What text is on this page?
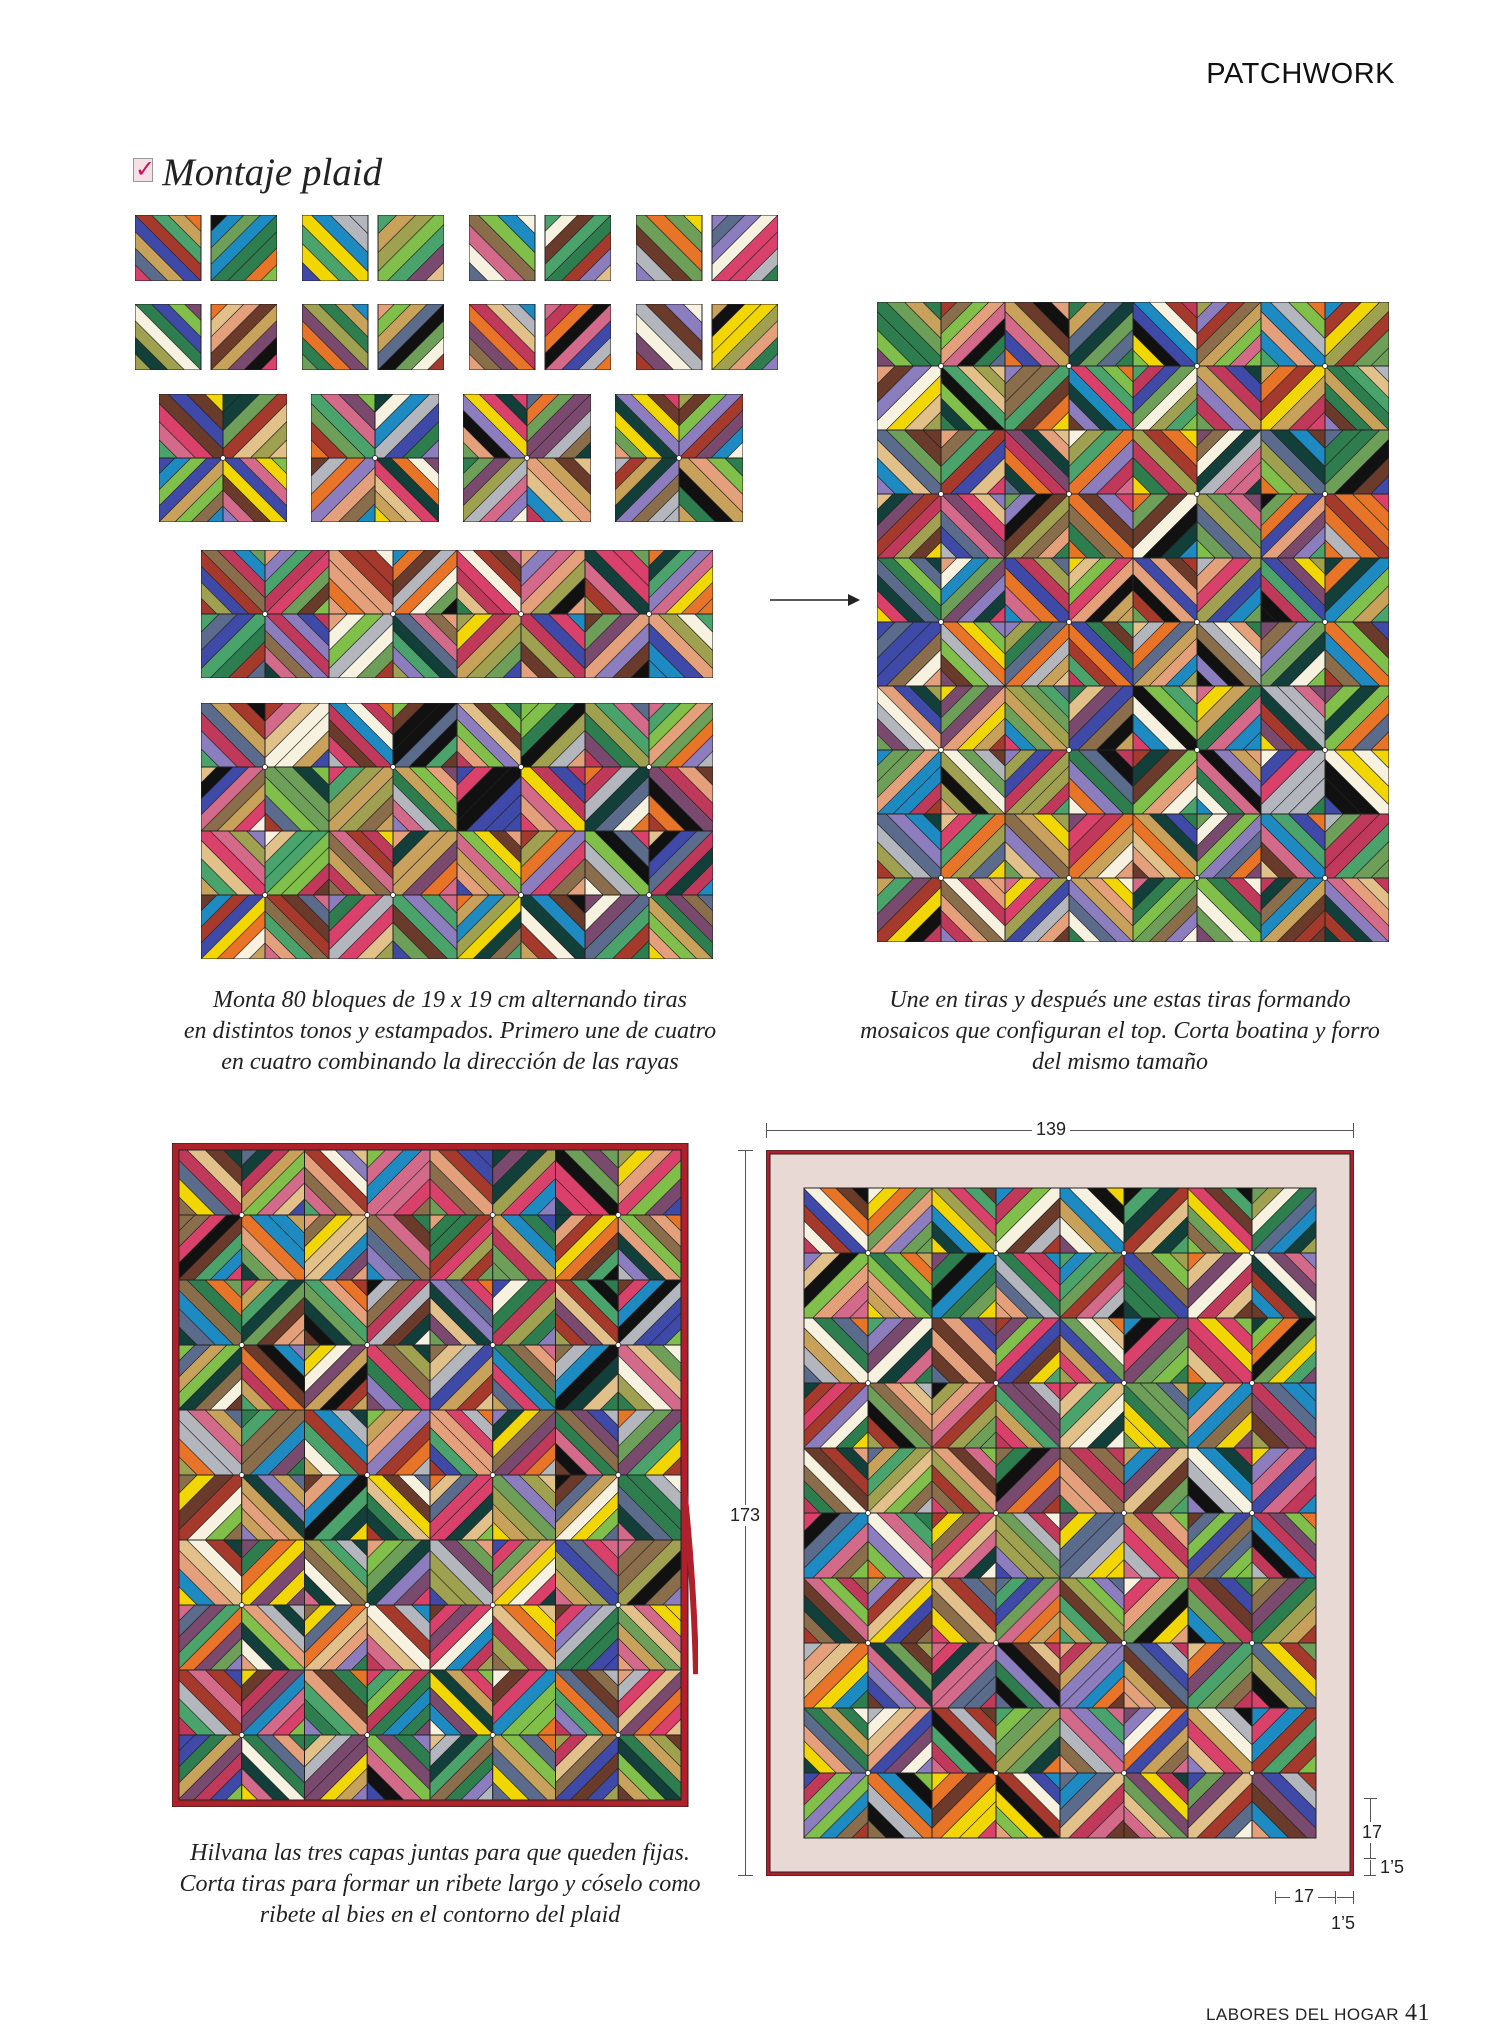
PATCHWORK
✓ Montaje plaid
Monta 80 bloques de 19 x 19 cm alternando tiras
en distintos tonos y estampados. Primero une de cuatro
en cuatro combinando la dirección de las rayas
Une en tiras y después une estas tiras formando
mosaicos que configuran el top. Corta boatina y forro
del mismo tamaño
Hilvana las tres capas juntas para que queden fijas.
Corta tiras para formar un ribete largo y cóselo como
ribete al bies en el contorno del plaid
139
173
17
1’5
17
1’5
LABORES DEL HOGAR 41
